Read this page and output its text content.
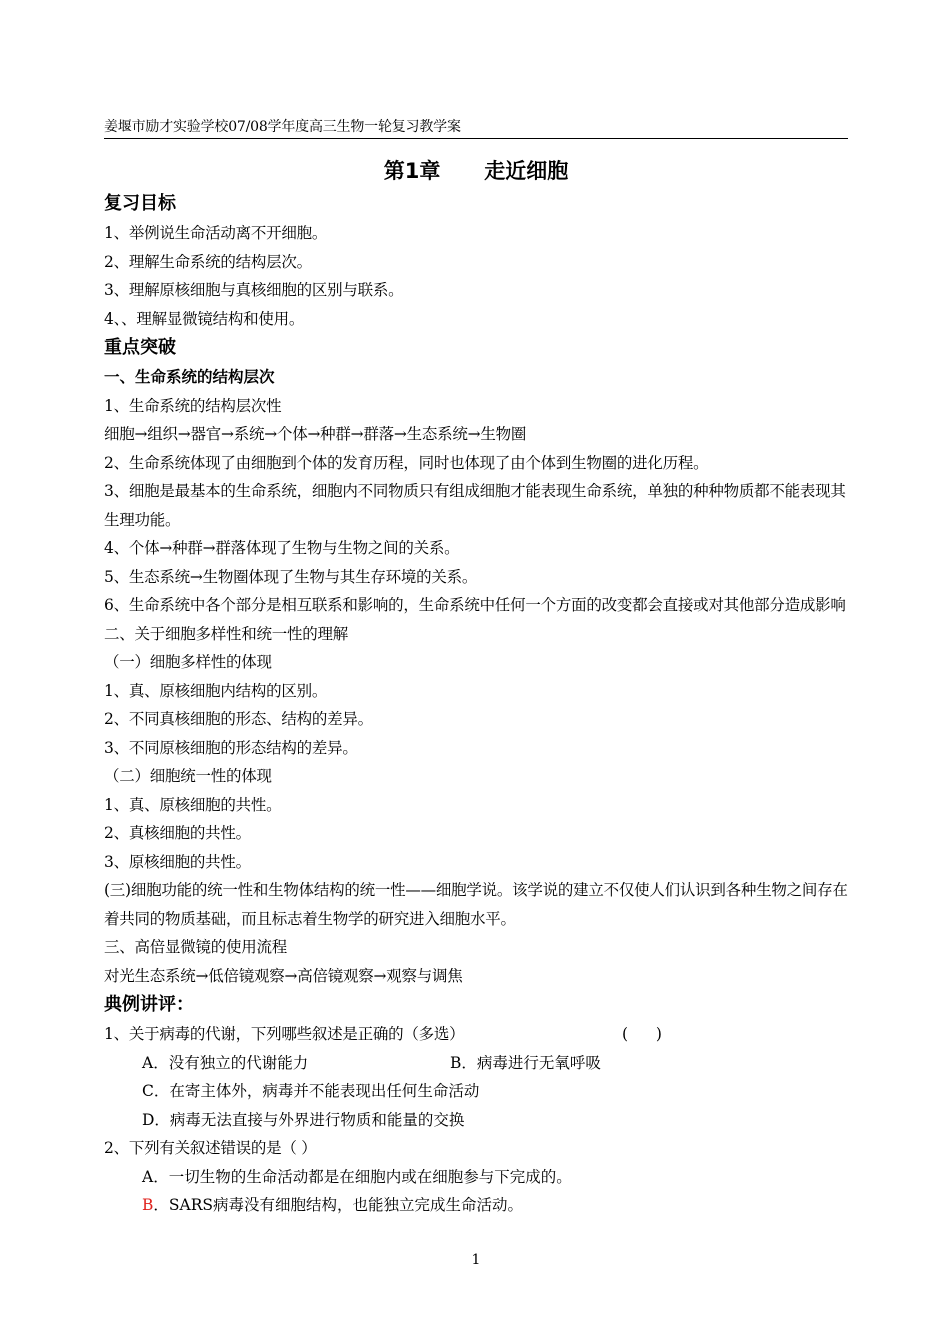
姜堰市励才实验学校07/08学年度高三生物一轮复习教学案
第1章      走近细胞
复习目标

1、举例说生命活动离不开细胞。

2、理解生命系统的结构层次。

3、理解原核细胞与真核细胞的区别与联系。

4、、理解显微镜结构和使用。

重点突破
一、生命系统的结构层次

1、生命系统的结构层次性

细胞→组织→器官→系统→个体→种群→群落→生态系统→生物圈

2、生命系统体现了由细胞到个体的发育历程，同时也体现了由个体到生物圈的进化历程。

3、细胞是最基本的生命系统，细胞内不同物质只有组成细胞才能表现生命系统，单独的种种物质都不能表现其生理功能。

4、个体→种群→群落体现了生物与生物之间的关系。

5、生态系统→生物圈体现了生物与其生存环境的关系。

6、生命系统中各个部分是相互联系和影响的，生命系统中任何一个方面的改变都会直接或对其他部分造成影响

二、关于细胞多样性和统一性的理解

（一）细胞多样性的体现

1、真、原核细胞内结构的区别。

2、不同真核细胞的形态、结构的差异。

3、不同原核细胞的形态结构的差异。

（二）细胞统一性的体现

1、真、原核细胞的共性。

2、真核细胞的共性。

3、原核细胞的共性。

(三)细胞功能的统一性和生物体结构的统一性——细胞学说。该学说的建立不仅使人们认识到各种生物之间存在着共同的物质基础，而且标志着生物学的研究进入细胞水平。

三、高倍显微镜的使用流程

对光生态系统→低倍镜观察→高倍镜观察→观察与调焦

典例讲评：
1、关于病毒的代谢，下列哪些叙述是正确的（多选）	(      )
A．没有独立的代谢能力	B．病毒进行无氧呼吸
C．在寄主体外，病毒并不能表现出任何生命活动
D．病毒无法直接与外界进行物质和能量的交换
2、下列有关叙述错误的是（ ）
A．一切生物的生命活动都是在细胞内或在细胞参与下完成的。
B ．SARS病毒没有细胞结构，也能独立完成生命活动。
1
